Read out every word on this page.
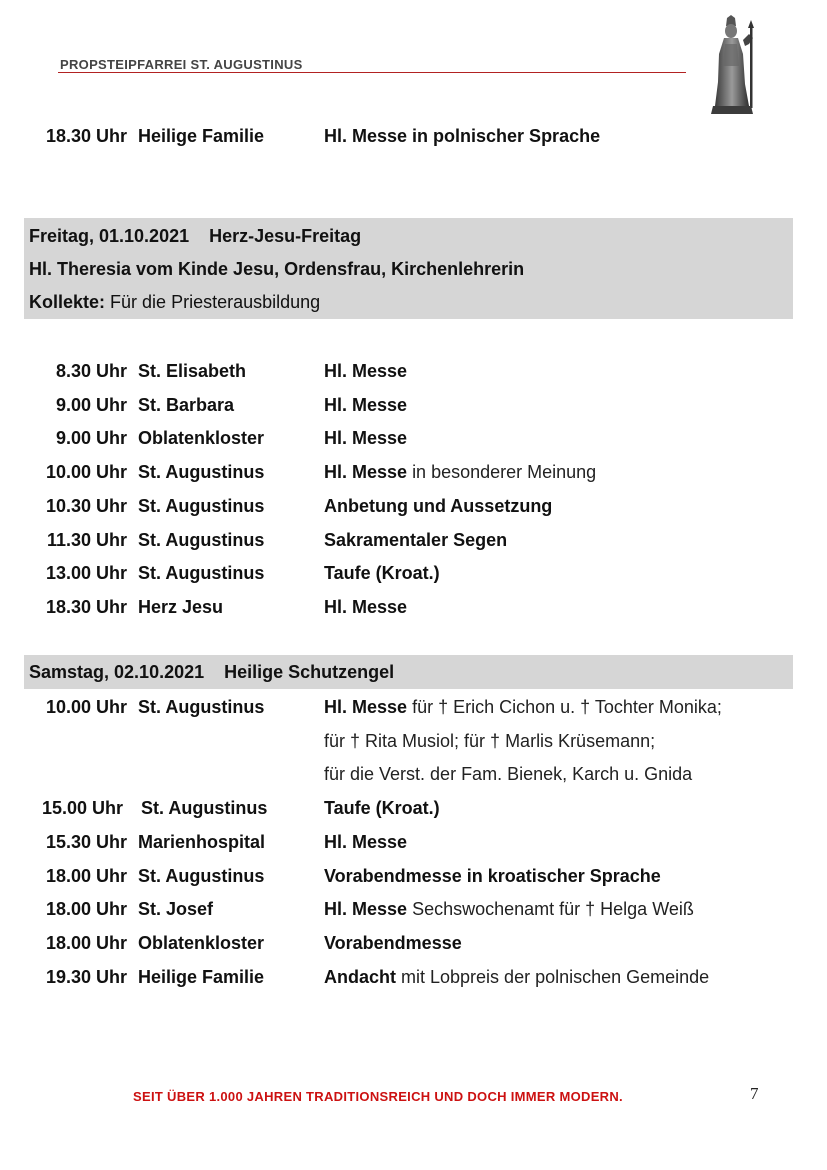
PROPSTEIPFARREI ST. AUGUSTINUS
18.30 Uhr Heilige Familie	Hl. Messe in polnischer Sprache
Freitag, 01.10.2021 Herz-Jesu-Freitag
Hl. Theresia vom Kinde Jesu, Ordensfrau, Kirchenlehrerin
Kollekte: Für die Priesterausbildung
8.30 Uhr St. Elisabeth	Hl. Messe
9.00 Uhr St. Barbara	Hl. Messe
9.00 Uhr Oblatenkloster	Hl. Messe
10.00 Uhr St. Augustinus	Hl. Messe in besonderer Meinung
10.30 Uhr St. Augustinus	Anbetung und Aussetzung
11.30 Uhr St. Augustinus	Sakramentaler Segen
13.00 Uhr St. Augustinus	Taufe (Kroat.)
18.30 Uhr Herz Jesu	Hl. Messe
Samstag, 02.10.2021 Heilige Schutzengel
10.00 Uhr St. Augustinus	Hl. Messe für † Erich Cichon u. † Tochter Monika;
für † Rita Musiol; für † Marlis Krüsemann;
für die Verst. der Fam. Bienek, Karch u. Gnida
15.00 Uhr St. Augustinus	Taufe (Kroat.)
15.30 Uhr Marienhospital	Hl. Messe
18.00 Uhr St. Augustinus	Vorabendmesse in kroatischer Sprache
18.00 Uhr St. Josef	Hl. Messe Sechswochenamt für † Helga Weiß
18.00 Uhr Oblatenkloster	Vorabendmesse
19.30 Uhr Heilige Familie	Andacht mit Lobpreis der polnischen Gemeinde
SEIT ÜBER 1.000 JAHREN TRADITIONSREICH UND DOCH IMMER MODERN.	7
